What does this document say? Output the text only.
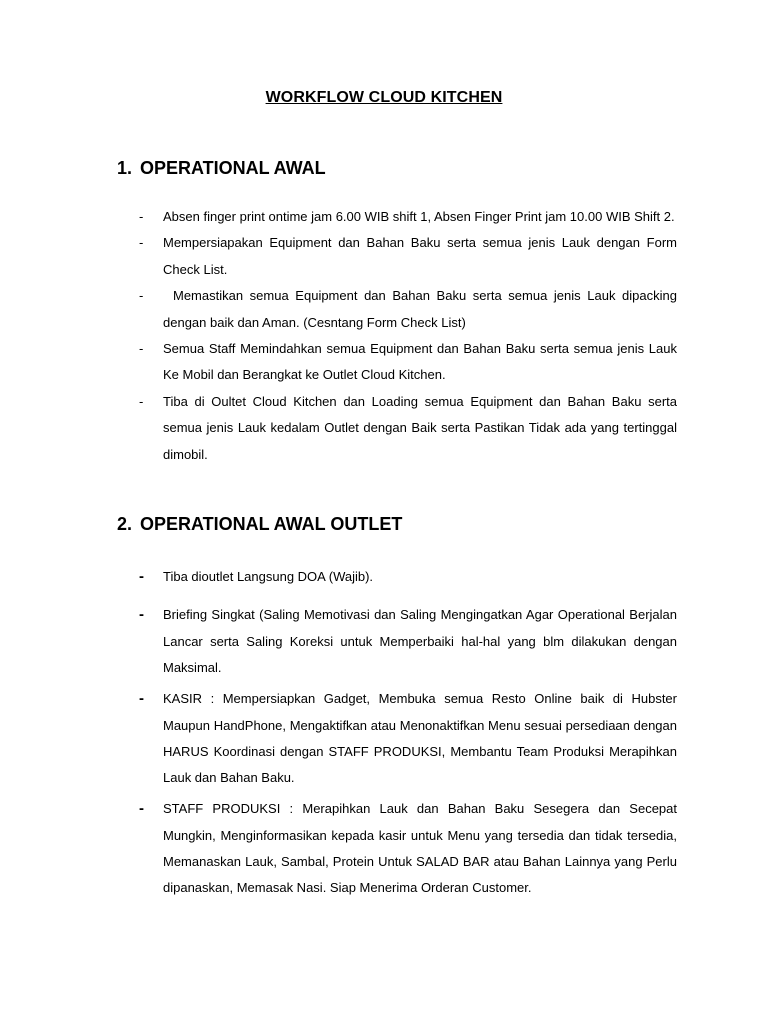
WORKFLOW CLOUD KITCHEN
1. OPERATIONAL AWAL
-	Absen finger print ontime jam 6.00 WIB shift 1, Absen Finger Print jam 10.00 WIB Shift 2.
-	Mempersiapakan Equipment dan Bahan Baku serta semua jenis Lauk dengan Form Check List.
-	Memastikan semua Equipment dan Bahan Baku serta semua jenis Lauk dipacking dengan baik dan Aman. (Cesntang Form Check List)
-	Semua Staff Memindahkan semua Equipment dan Bahan Baku serta semua jenis Lauk Ke Mobil dan Berangkat ke Outlet Cloud Kitchen.
-	Tiba di Oultet Cloud Kitchen dan Loading semua Equipment dan Bahan Baku serta semua jenis Lauk kedalam Outlet dengan Baik serta Pastikan Tidak ada yang tertinggal dimobil.
2. OPERATIONAL AWAL OUTLET
-	Tiba dioutlet Langsung DOA (Wajib).
-	Briefing Singkat (Saling Memotivasi dan Saling Mengingatkan Agar Operational Berjalan Lancar serta Saling Koreksi untuk Memperbaiki hal-hal yang blm dilakukan dengan Maksimal.
-	KASIR : Mempersiapkan Gadget, Membuka semua Resto Online baik di Hubster Maupun HandPhone, Mengaktifkan atau Menonaktifkan Menu sesuai persediaan dengan HARUS Koordinasi dengan STAFF PRODUKSI, Membantu Team Produksi Merapihkan Lauk dan Bahan Baku.
-	STAFF PRODUKSI : Merapihkan Lauk dan Bahan Baku Sesegera dan Secepat Mungkin, Menginformasikan kepada kasir untuk Menu yang tersedia dan tidak tersedia, Memanaskan Lauk, Sambal, Protein Untuk SALAD BAR atau Bahan Lainnya yang Perlu dipanaskan, Memasak Nasi. Siap Menerima Orderan Customer.
